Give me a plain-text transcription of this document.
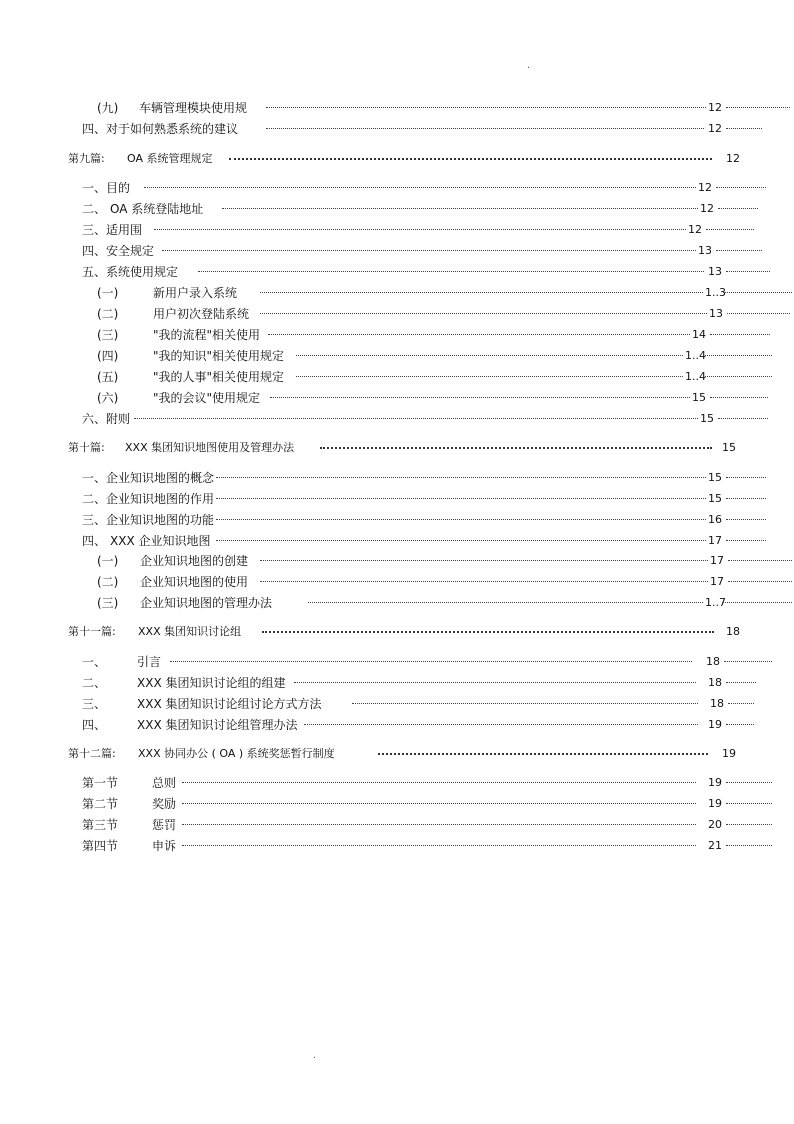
.
(九) 车辆管理模块使用规	12
四、对于如何熟悉系统的建议	12
第九篇: OA 系统管理规定	12
一、目的	12
二、 OA 系统登陆地址	12
三、适用围	12
四、安全规定	13
五、系统使用规定	13
(一)	新用户录入系统	1..3
(二)	用户初次登陆系统	13
(三)	"我的流程"相关使用	14
(四)	"我的知识"相关使用规定	1..4
(五)	"我的人事"相关使用规定	1..4
(六)	"我的会议"使用规定	15
六、附则	15
第十篇: XXX 集团知识地图使用及管理办法	15
一、企业知识地图的概念	15
二、企业知识地图的作用	15
三、企业知识地图的功能	16
四、 XXX 企业知识地图	17
(一) 企业知识地图的创建	17
(二) 企业知识地图的使用	17
(三) 企业知识地图的管理办法	1..7
第十一篇: XXX 集团知识讨论组	18
一、	引言	18
二、	XXX 集团知识讨论组的组建	18
三、	XXX 集团知识讨论组讨论方式方法	18
四、	XXX 集团知识讨论组管理办法	19
第十二篇: XXX 协同办公 ( OA ) 系统奖惩暂行制度	19
第一节	总则	19
第二节	奖励	19
第三节	惩罚	20
第四节	申诉	21
.
